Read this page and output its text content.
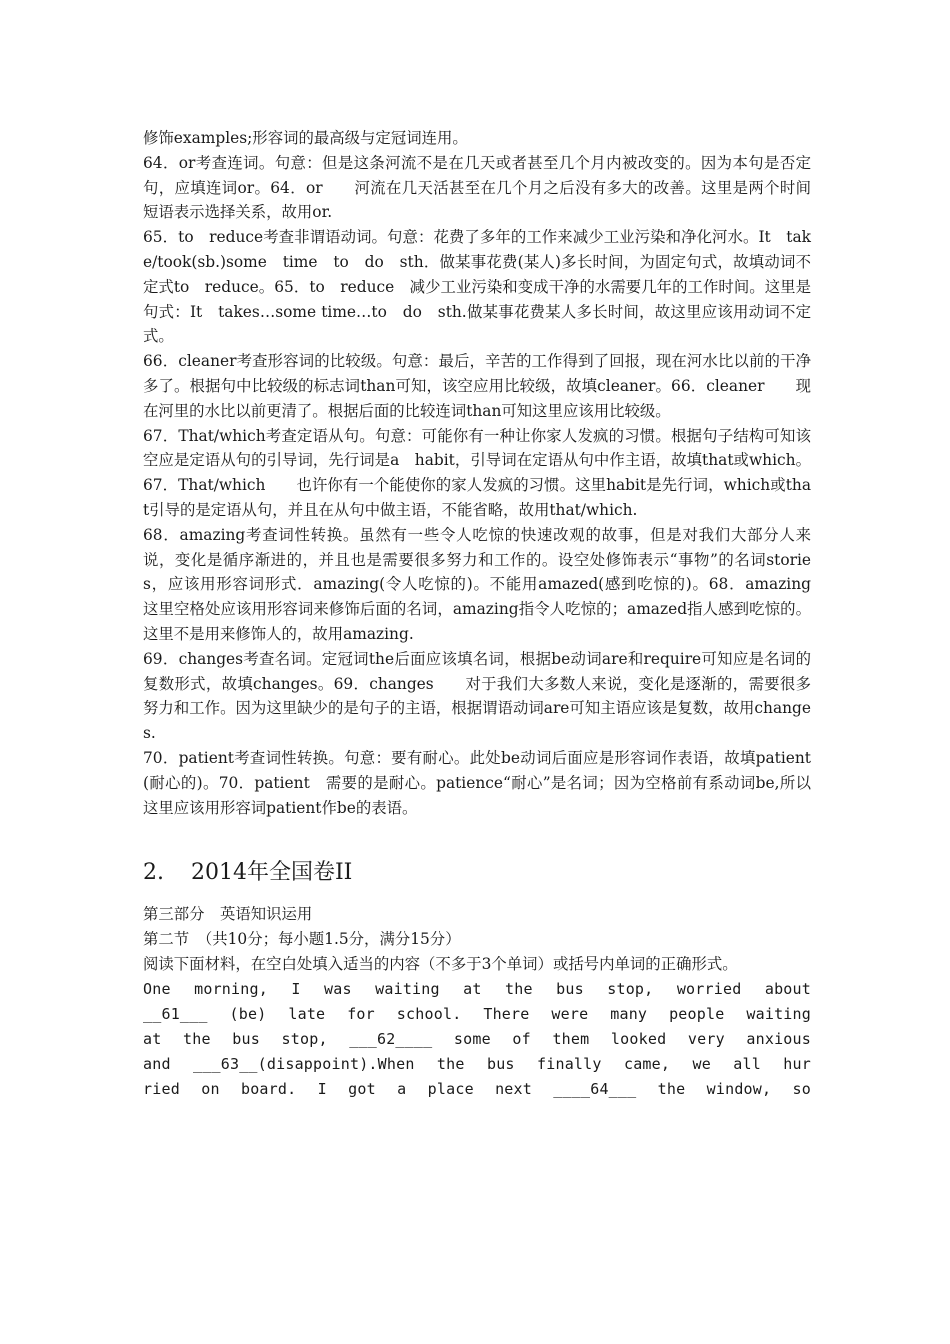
修饰examples;形容词的最高级与定冠词连用。

64．or考查连词。句意：但是这条河流不是在几天或者甚至几个月内被改变的。因为本句是否定句，应填连词or。64．or　　河流在几天活甚至在几个月之后没有多大的改善。这里是两个时间短语表示选择关系，故用or.

65．to　reduce考查非谓语动词。句意：花费了多年的工作来减少工业污染和净化河水。It　take/took(sb.)some　time　to　do　sth．做某事花费(某人)多长时间，为固定句式，故填动词不定式to　reduce。65．to　reduce　减少工业污染和变成干净的水需要几年的工作时间。这里是句式：It　takes…some time…to　do　sth.做某事花费某人多长时间，故这里应该用动词不定式。

66．cleaner考查形容词的比较级。句意：最后，辛苦的工作得到了回报，现在河水比以前的干净多了。根据句中比较级的标志词than可知，该空应用比较级，故填cleaner。66．cleaner　　现在河里的水比以前更清了。根据后面的比较连词than可知这里应该用比较级。

67．That/which考查定语从句。句意：可能你有一种让你家人发疯的习惯。根据句子结构可知该空应是定语从句的引导词，先行词是a　habit，引导词在定语从句中作主语，故填that或which。67．That/which　　也许你有一个能使你的家人发疯的习惯。这里habit是先行词，which或that引导的是定语从句，并且在从句中做主语，不能省略，故用that/which.

68．amazing考查词性转换。虽然有一些令人吃惊的快速改观的故事，但是对我们大部分人来说，变化是循序渐进的，并且也是需要很多努力和工作的。设空处修饰表示“事物”的名词stories，应该用形容词形式．amazing(令人吃惊的)。不能用amazed(感到吃惊的)。68．amazing　　这里空格处应该用形容词来修饰后面的名词，amazing指令人吃惊的；amazed指人感到吃惊的。这里不是用来修饰人的，故用amazing.

69．changes考查名词。定冠词the后面应该填名词，根据be动词are和require可知应是名词的复数形式，故填changes。69．changes　　对于我们大多数人来说，变化是逐渐的，需要很多努力和工作。因为这里缺少的是句子的主语，根据谓语动词are可知主语应该是复数，故用changes.

70．patient考查词性转换。句意：要有耐心。此处be动词后面应是形容词作表语，故填patient(耐心的)。70．patient　需要的是耐心。patience“耐心”是名词；因为空格前有系动词be,所以这里应该用形容词patient作be的表语。

2. 2014年全国卷II

第三部分　英语知识运用

第二节　（共10分；每小题1.5分，满分15分）

阅读下面材料，在空白处填入适当的内容（不多于3个单词）或括号内单词的正确形式。

One morning, I was waiting at the bus stop, worried about
__61___ (be) late for school. There were many people waiting
at the bus stop, ___62____ some of them looked very anxious
and ___63__(disappoint).When the bus finally came, we all hur
ried on board. I got a place next ____64___ the window, so
